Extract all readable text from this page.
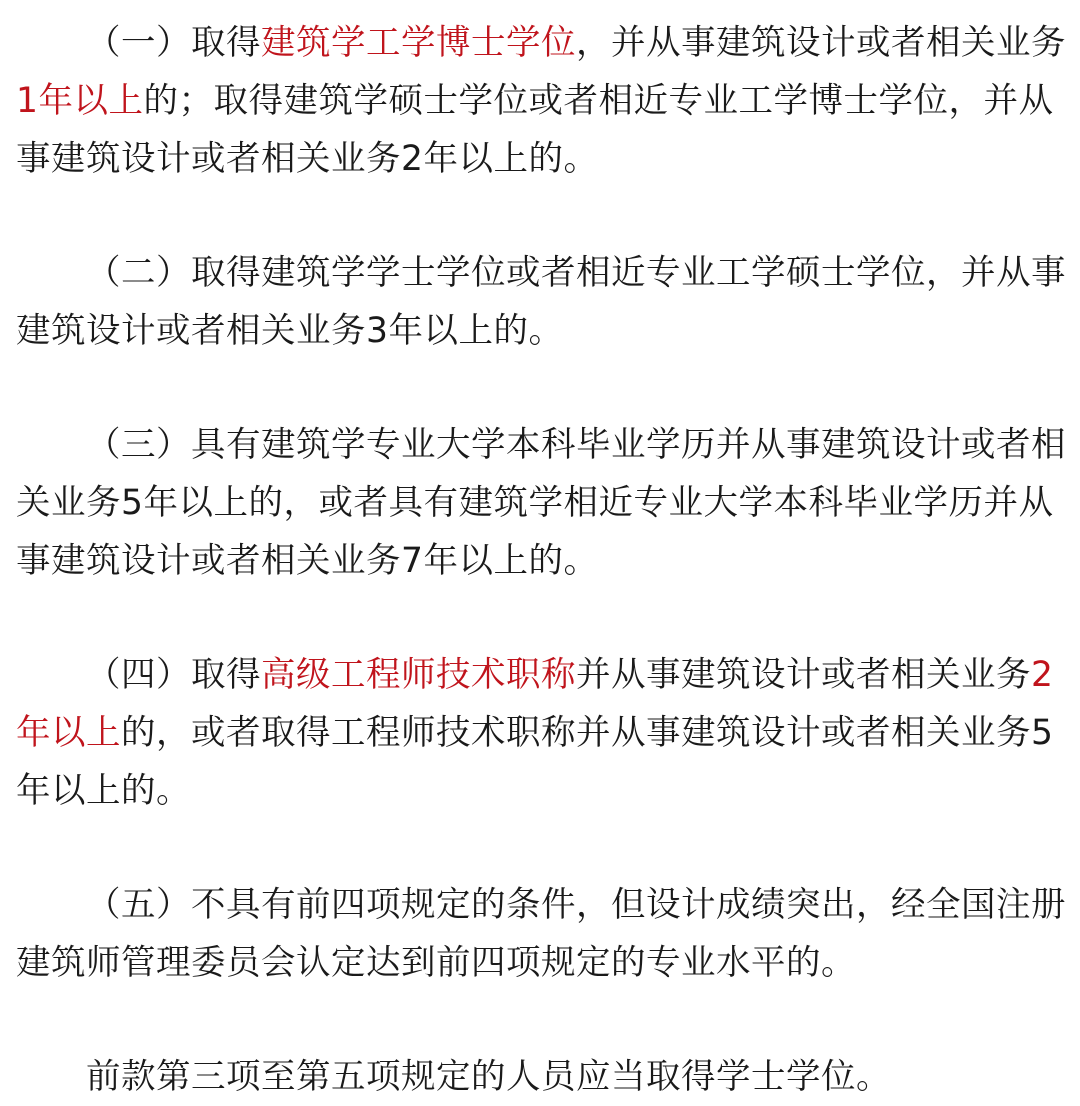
（一）取得建筑学工学博士学位，并从事建筑设计或者相关业务1年以上的；取得建筑学硕士学位或者相近专业工学博士学位，并从事建筑设计或者相关业务2年以上的。

（二）取得建筑学学士学位或者相近专业工学硕士学位，并从事建筑设计或者相关业务3年以上的。

（三）具有建筑学专业大学本科毕业学历并从事建筑设计或者相关业务5年以上的，或者具有建筑学相近专业大学本科毕业学历并从事建筑设计或者相关业务7年以上的。

（四）取得高级工程师技术职称并从事建筑设计或者相关业务2年以上的，或者取得工程师技术职称并从事建筑设计或者相关业务5年以上的。

（五）不具有前四项规定的条件，但设计成绩突出，经全国注册建筑师管理委员会认定达到前四项规定的专业水平的。

前款第三项至第五项规定的人员应当取得学士学位。
